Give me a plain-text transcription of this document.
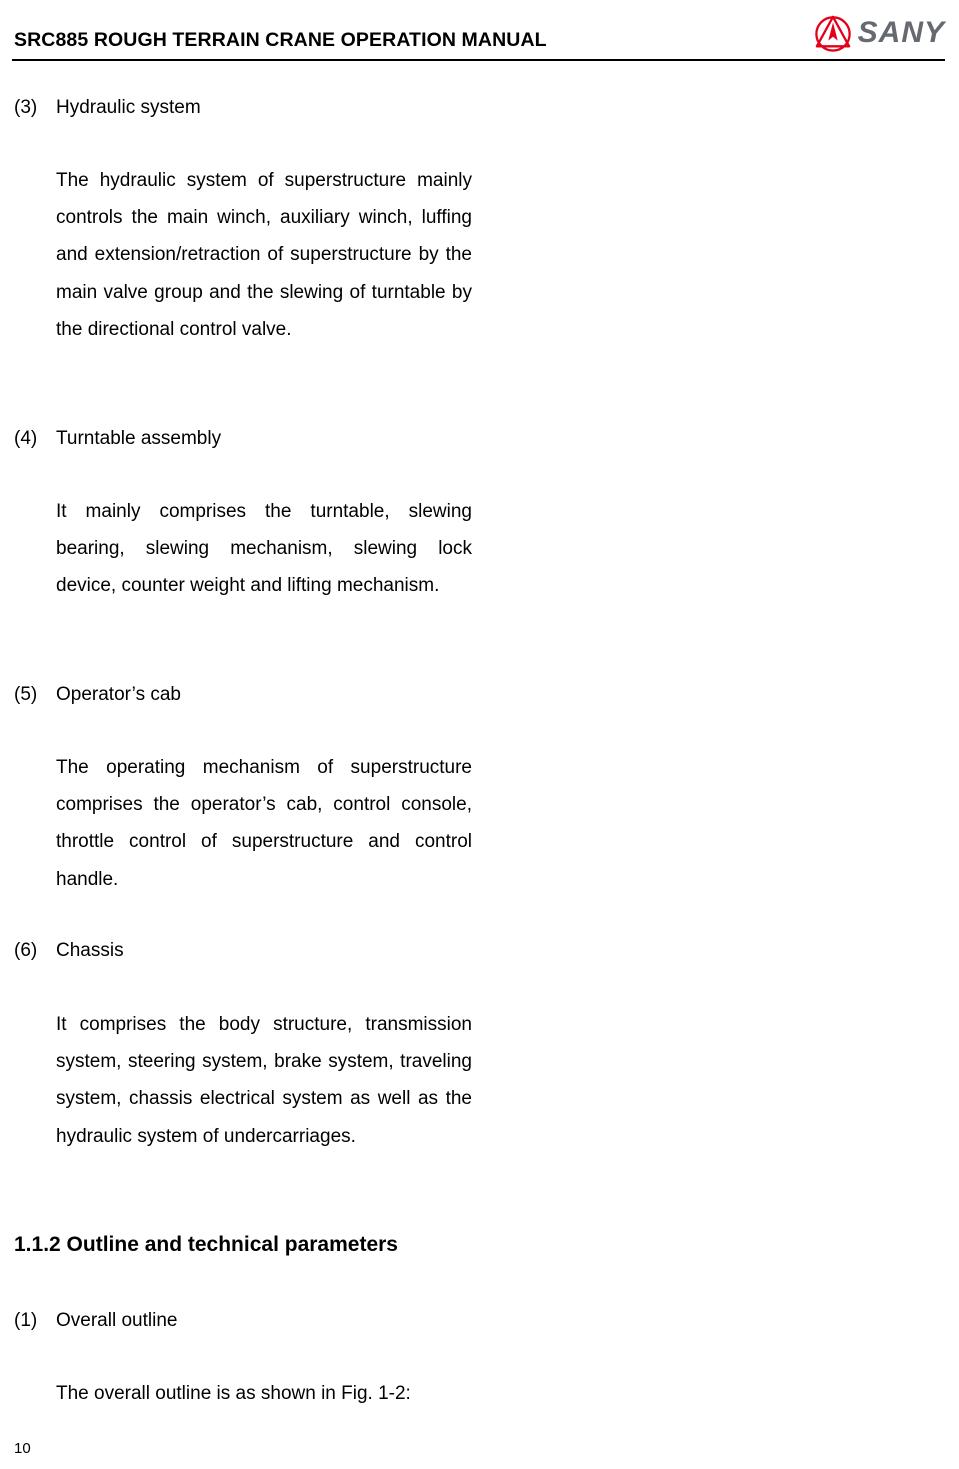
SRC885 ROUGH TERRAIN CRANE OPERATION MANUAL	SANY
(3) Hydraulic system
The hydraulic system of superstructure mainly controls the main winch, auxiliary winch, luffing and extension/retraction of superstructure by the main valve group and the slewing of turntable by the directional control valve.
(4) Turntable assembly
It mainly comprises the turntable, slewing bearing, slewing mechanism, slewing lock device, counter weight and lifting mechanism.
(5) Operator’s cab
The operating mechanism of superstructure comprises the operator’s cab, control console, throttle control of superstructure and control handle.
(6) Chassis
It comprises the body structure, transmission system, steering system, brake system, traveling system, chassis electrical system as well as the hydraulic system of undercarriages.
1.1.2 Outline and technical parameters
(1) Overall outline
The overall outline is as shown in Fig. 1-2:
10
